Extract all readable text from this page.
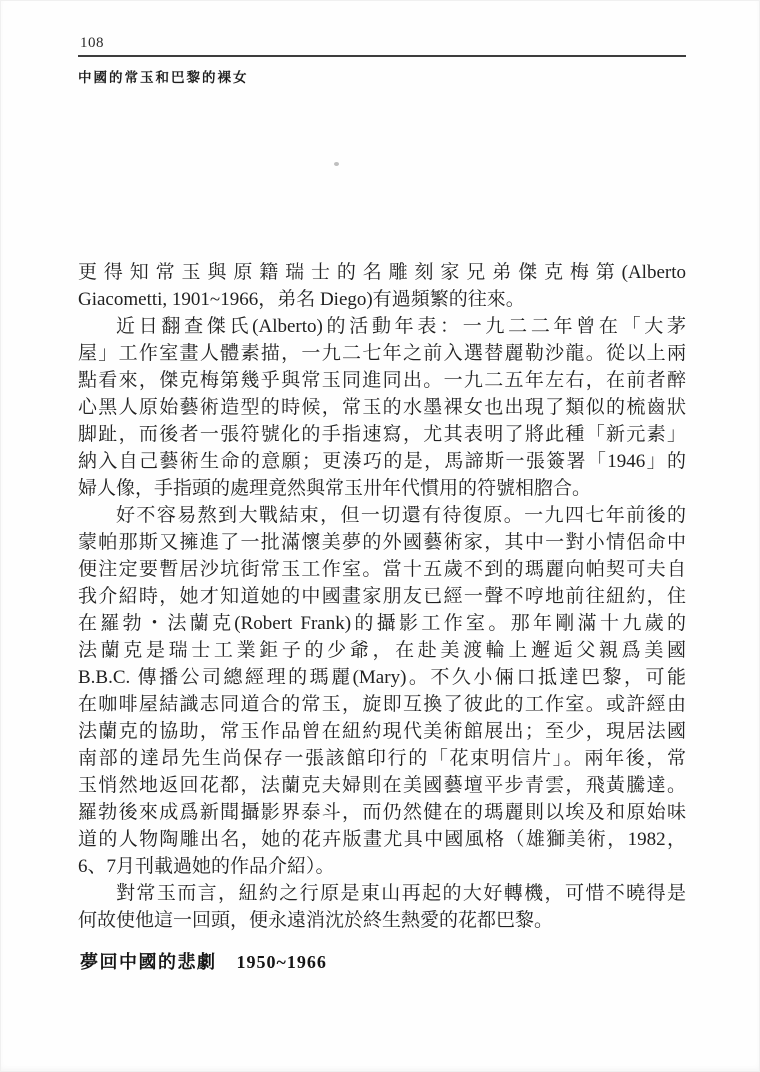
108
中國的常玉和巴黎的裸女
更得知常玉與原籍瑞士的名雕刻家兄弟傑克梅第(Alberto
Giacometti, 1901~1966，弟名 Diego)有過頻繁的往來。
近日翻查傑氏(Alberto)的活動年表：一九二二年曾在「大茅
屋」工作室畫人體素描，一九二七年之前入選替麗勒沙龍。從以上兩
點看來，傑克梅第幾乎與常玉同進同出。一九二五年左右，在前者醉
心黑人原始藝術造型的時候，常玉的水墨裸女也出現了類似的梳齒狀
脚趾，而後者一張符號化的手指速寫，尤其表明了將此種「新元素」
納入自己藝術生命的意願；更湊巧的是，馬諦斯一張簽署「1946」的
婦人像，手指頭的處理竟然與常玉卅年代慣用的符號相脗合。
好不容易熬到大戰結束，但一切還有待復原。一九四七年前後的
蒙帕那斯又擁進了一批滿懷美夢的外國藝術家，其中一對小情侶命中
便注定要暫居沙坑街常玉工作室。當十五歲不到的瑪麗向帕契可夫自
我介紹時，她才知道她的中國畫家朋友已經一聲不哼地前往紐約，住
在羅勃・法蘭克(Robert Frank)的攝影工作室。那年剛滿十九歲的
法蘭克是瑞士工業鉅子的少爺，在赴美渡輪上邂逅父親爲美國
B.B.C. 傳播公司總經理的瑪麗(Mary)。不久小倆口抵達巴黎，可能
在咖啡屋結識志同道合的常玉，旋即互換了彼此的工作室。或許經由
法蘭克的協助，常玉作品曾在紐約現代美術館展出；至少，現居法國
南部的達昂先生尚保存一張該館印行的「花束明信片」。兩年後，常
玉悄然地返回花都，法蘭克夫婦則在美國藝壇平步青雲，飛黃騰達。
羅勃後來成爲新聞攝影界泰斗，而仍然健在的瑪麗則以埃及和原始味
道的人物陶雕出名，她的花卉版畫尤具中國風格（雄獅美術，1982，
6、7月刊載過她的作品介紹）。
對常玉而言，紐約之行原是東山再起的大好轉機，可惜不曉得是
何故使他這一回頭，便永遠消沈於終生熱愛的花都巴黎。
夢回中國的悲劇 1950~1966
